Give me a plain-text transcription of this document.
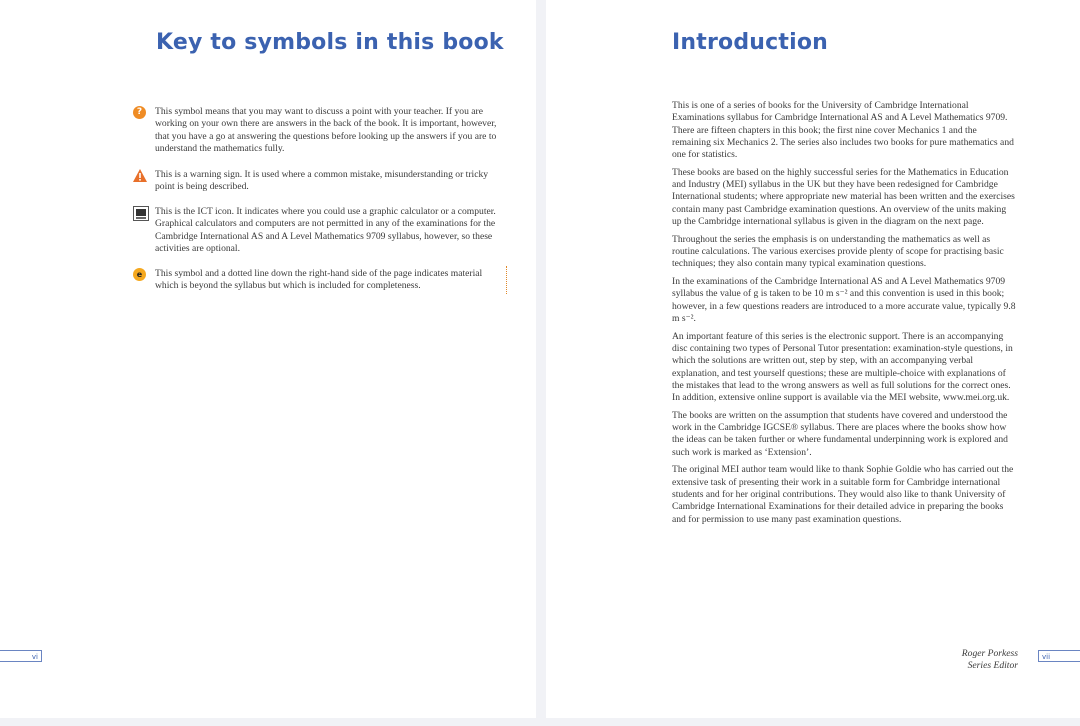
Key to symbols in this book
?	This symbol means that you may want to discuss a point with your teacher. If you are working on your own there are answers in the back of the book. It is important, however, that you have a go at answering the questions before looking up the answers if you are to understand the mathematics fully.

This is a warning sign. It is used where a common mistake, misunderstanding or tricky point is being described.

This is the ICT icon. It indicates where you could use a graphic calculator or a computer. Graphical calculators and computers are not permitted in any of the examinations for the Cambridge International AS and A Level Mathematics 9709 syllabus, however, so these activities are optional.

e	This symbol and a dotted line down the right-hand side of the page indicates material which is beyond the syllabus but which is included for completeness.

vi
Introduction

This is one of a series of books for the University of Cambridge International Examinations syllabus for Cambridge International AS and A Level Mathematics 9709. There are fifteen chapters in this book; the first nine cover Mechanics 1 and the remaining six Mechanics 2. The series also includes two books for pure mathematics and one for statistics.

These books are based on the highly successful series for the Mathematics in Education and Industry (MEI) syllabus in the UK but they have been redesigned for Cambridge International students; where appropriate new material has been written and the exercises contain many past Cambridge examination questions. An overview of the units making up the Cambridge international syllabus is given in the diagram on the next page.

Throughout the series the emphasis is on understanding the mathematics as well as routine calculations. The various exercises provide plenty of scope for practising basic techniques; they also contain many typical examination questions.

In the examinations of the Cambridge International AS and A Level Mathematics 9709 syllabus the value of g is taken to be 10 m s⁻² and this convention is used in this book; however, in a few questions readers are introduced to a more accurate value, typically 9.8 m s⁻².

An important feature of this series is the electronic support. There is an accompanying disc containing two types of Personal Tutor presentation: examination-style questions, in which the solutions are written out, step by step, with an accompanying verbal explanation, and test yourself questions; these are multiple-choice with explanations of the mistakes that lead to the wrong answers as well as full solutions for the correct ones. In addition, extensive online support is available via the MEI website, www.mei.org.uk.

The books are written on the assumption that students have covered and understood the work in the Cambridge IGCSE® syllabus. There are places where the books show how the ideas can be taken further or where fundamental underpinning work is explored and such work is marked as ‘Extension’.

The original MEI author team would like to thank Sophie Goldie who has carried out the extensive task of presenting their work in a suitable form for Cambridge international students and for her original contributions. They would also like to thank University of Cambridge International Examinations for their detailed advice in preparing the books and for permission to use many past examination questions.

Roger Porkess
Series Editor
vii
